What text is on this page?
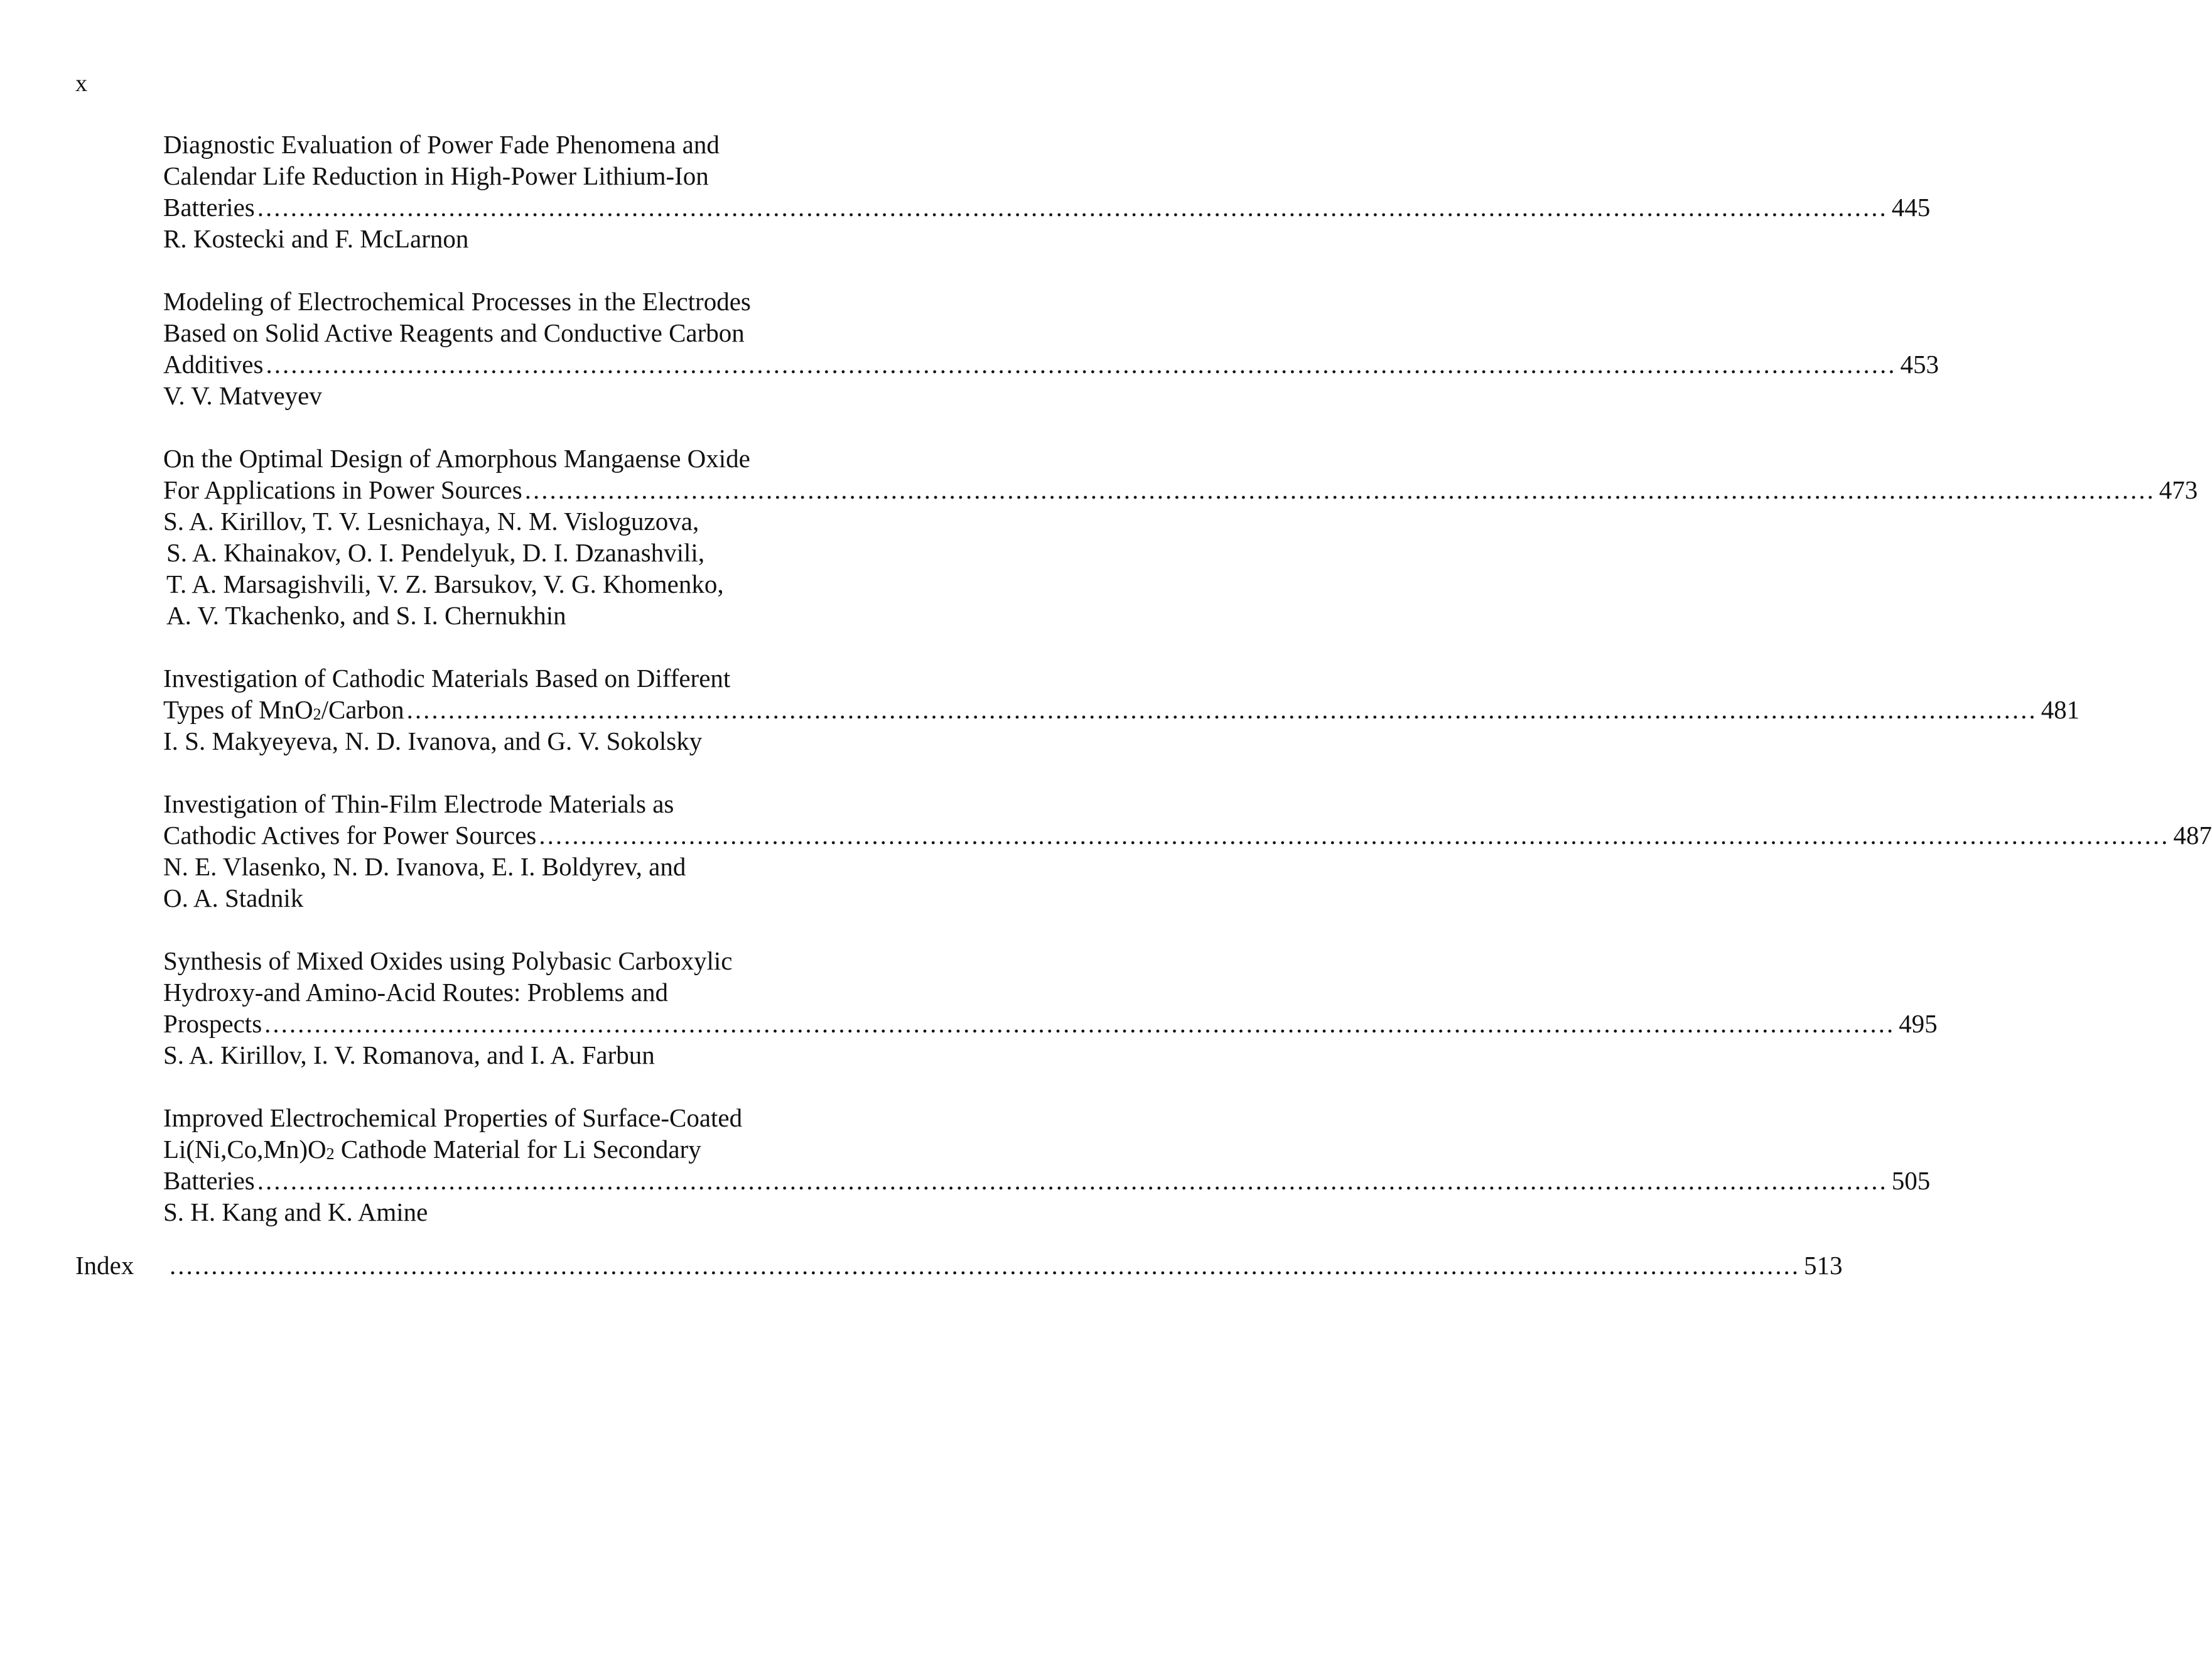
x
Diagnostic Evaluation of Power Fade Phenomena and
Calendar Life Reduction in High-Power Lithium-Ion
Batteries .................................................................................................................................................................................................... 445
R. Kostecki and F. McLarnon
Modeling of Electrochemical Processes in the Electrodes
Based on Solid Active Reagents and Conductive Carbon
Additives .................................................................................................................................................................................................... 453
V. V. Matveyev
On the Optimal Design of Amorphous Mangaense Oxide
For Applications in Power Sources .................................................................................................................................................................................................... 473
S. A. Kirillov, T. V. Lesnichaya, N. M. Visloguzova,
S. A. Khainakov, O. I. Pendelyuk, D. I. Dzanashvili,
T. A. Marsagishvili, V. Z. Barsukov, V. G. Khomenko,
A. V. Tkachenko, and S. I. Chernukhin
Investigation of Cathodic Materials Based on Different
Types of MnO$_2$/Carbon .................................................................................................................................................................................................... 481
I. S. Makyeyeva, N. D. Ivanova, and G. V. Sokolsky
Investigation of Thin-Film Electrode Materials as
Cathodic Actives for Power Sources .................................................................................................................................................................................................... 487
N. E. Vlasenko, N. D. Ivanova, E. I. Boldyrev, and
O. A. Stadnik
Synthesis of Mixed Oxides using Polybasic Carboxylic
Hydroxy-and Amino-Acid Routes: Problems and
Prospects .................................................................................................................................................................................................... 495
S. A. Kirillov, I. V. Romanova, and I. A. Farbun
Improved Electrochemical Properties of Surface-Coated
$Li(Ni,Co,Mn)O_2$ Cathode Material for Li Secondary
Batteries .................................................................................................................................................................................................... 505
S. H. Kang and K. Amine
Index	.................................................................................................................................................................................................... 513
